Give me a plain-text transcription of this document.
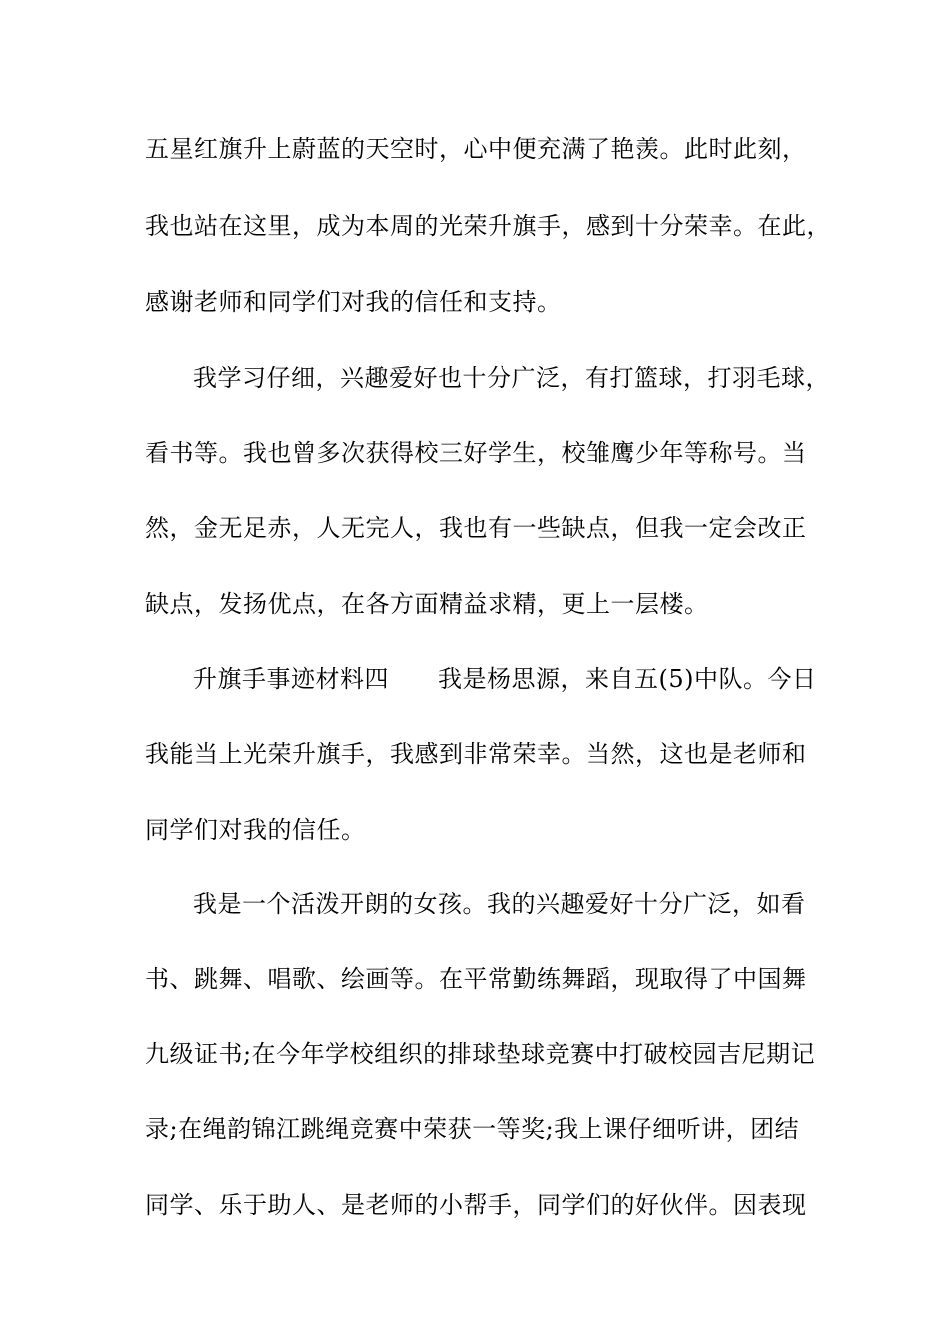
五星红旗升上蔚蓝的天空时，心中便充满了艳羡。此时此刻，
我也站在这里，成为本周的光荣升旗手，感到十分荣幸。在此，
感谢老师和同学们对我的信任和支持。
我学习仔细，兴趣爱好也十分广泛，有打篮球，打羽毛球，
看书等。我也曾多次获得校三好学生，校雏鹰少年等称号。当
然，金无足赤，人无完人，我也有一些缺点，但我一定会改正
缺点，发扬优点，在各方面精益求精，更上一层楼。
升旗手事迹材料四　　我是杨思源，来自五(5)中队。今日
我能当上光荣升旗手，我感到非常荣幸。当然，这也是老师和
同学们对我的信任。
我是一个活泼开朗的女孩。我的兴趣爱好十分广泛，如看
书、跳舞、唱歌、绘画等。在平常勤练舞蹈，现取得了中国舞
九级证书;在今年学校组织的排球垫球竞赛中打破校园吉尼期记
录;在绳韵锦江跳绳竞赛中荣获一等奖;我上课仔细听讲，团结
同学、乐于助人、是老师的小帮手，同学们的好伙伴。因表现
